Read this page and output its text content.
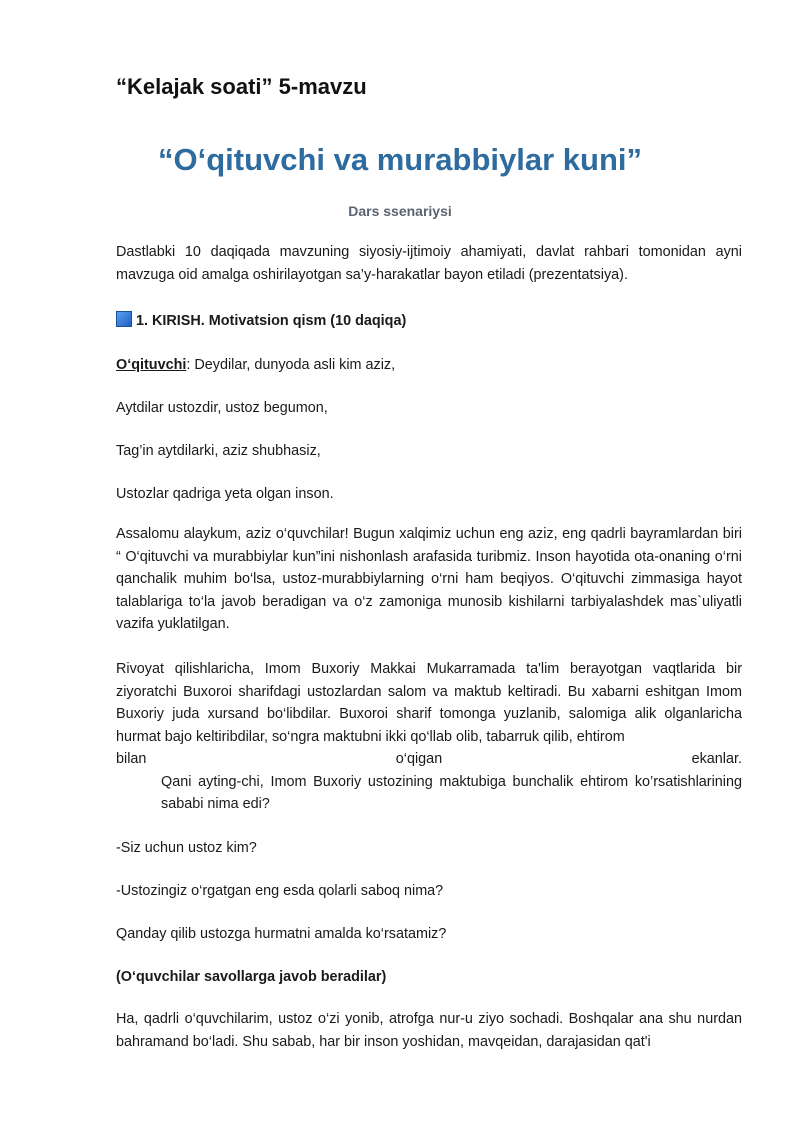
“Kelajak soati” 5-mavzu
“O‘qituvchi va murabbiylar kuni”

Dars ssenariysi

Dastlabki 10 daqiqada mavzuning siyosiy-ijtimoiy ahamiyati, davlat rahbari tomonidan ayni mavzuga oid amalga oshirilayotgan sa’y-harakatlar bayon etiladi (prezentatsiya).

1. KIRISH. Motivatsion qism (10 daqiqa)

O‘qituvchi: Deydilar, dunyoda asli kim aziz,

Aytdilar ustozdir, ustoz begumon,

Tag’in aytdilarki, aziz shubhasiz,

Ustozlar qadriga yeta olgan inson.

Assalomu alaykum, aziz o‘quvchilar! Bugun xalqimiz uchun eng aziz, eng qadrli bayramlardan biri “ O‘qituvchi va murabbiylar kun”ini nishonlash arafasida turibmiz. Inson hayotida ota-onaning o‘rni qanchalik muhim bo‘lsa, ustoz-murabbiylarning o‘rni ham beqiyos. O‘qituvchi zimmasiga hayot talablariga to‘la javob beradigan va o‘z zamoniga munosib kishilarni tarbiyalashdek mas`uliyatli vazifa yuklatilgan.

Rivoyat qilishlaricha, Imom Buxoriy Makkai Mukarramada ta'lim berayotgan vaqtlarida bir ziyoratchi Buxoroi sharifdagi ustozlardan salom va maktub keltiradi. Bu xabarni eshitgan Imom Buxoriy juda xursand bo‘libdilar. Buxoroi sharif tomonga yuzlanib, salomiga alik olganlaricha hurmat bajo keltiribdilar, so‘ngra maktubni ikki qo‘llab olib, tabarruk qilib, ehtirom
bilan	o‘qigan	ekanlar.
Qani ayting-chi, Imom Buxoriy ustozining maktubiga bunchalik ehtirom ko’rsatishlarining sababi nima edi?

-Siz uchun ustoz kim?

-Ustozingiz o‘rgatgan eng esda qolarli saboq nima?

Qanday qilib ustozga hurmatni amalda ko‘rsatamiz?

(O‘quvchilar savollarga javob beradilar)

Ha, qadrli o‘quvchilarim, ustoz o‘zi yonib, atrofga nur-u ziyo sochadi. Boshqalar ana shu nurdan bahramand bo‘ladi. Shu sabab, har bir inson yoshidan, mavqeidan, darajasidan qat'i
